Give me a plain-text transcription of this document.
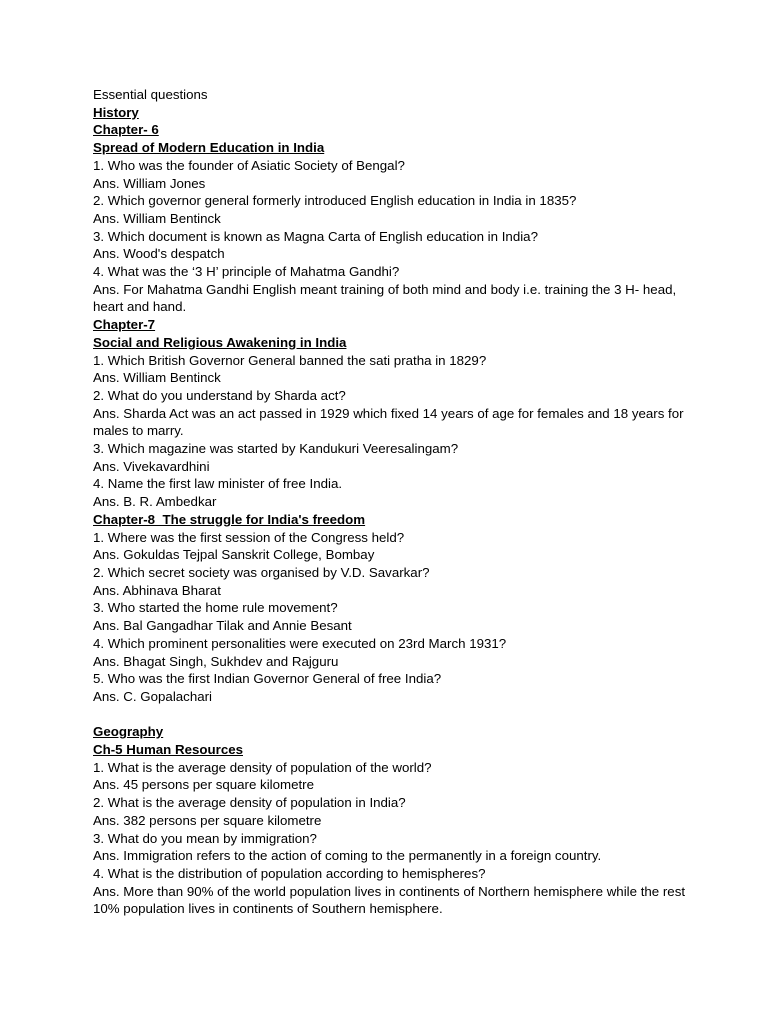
Essential questions
History
Chapter- 6
Spread of Modern Education in India
1. Who was the founder of Asiatic Society of Bengal?
Ans. William Jones
2. Which governor general formerly introduced English education in India in 1835?
Ans. William Bentinck
3. Which document is known as Magna Carta of English education in India?
Ans. Wood's despatch
4. What was the ‘3 H’ principle of Mahatma Gandhi?
Ans. For Mahatma Gandhi English meant training of both mind and body i.e. training the 3 H- head, heart and hand.
Chapter-7
Social and Religious Awakening in India
1. Which British Governor General banned the sati pratha in 1829?
Ans. William Bentinck
2. What do you understand by Sharda act?
Ans. Sharda Act was an act passed in 1929 which fixed 14 years of age for females and 18 years for males to marry.
3. Which magazine was started by Kandukuri Veeresalingam?
Ans. Vivekavardhini
4. Name the first law minister of free India.
Ans. B. R. Ambedkar
Chapter-8  The struggle for India's freedom
1. Where was the first session of the Congress held?
Ans. Gokuldas Tejpal Sanskrit College, Bombay
2. Which secret society was organised by V.D. Savarkar?
Ans. Abhinava Bharat
3. Who started the home rule movement?
Ans. Bal Gangadhar Tilak and Annie Besant
4. Which prominent personalities were executed on 23rd March 1931?
Ans. Bhagat Singh, Sukhdev and Rajguru
5. Who was the first Indian Governor General of free India?
Ans. C. Gopalachari
Geography
Ch-5 Human Resources
1. What is the average density of population of the world?
Ans. 45 persons per square kilometre
2. What is the average density of population in India?
Ans. 382 persons per square kilometre
3. What do you mean by immigration?
Ans. Immigration refers to the action of coming to the permanently in a foreign country.
4. What is the distribution of population according to hemispheres?
Ans. More than 90% of the world population lives in continents of Northern hemisphere while the rest 10% population lives in continents of Southern hemisphere.
